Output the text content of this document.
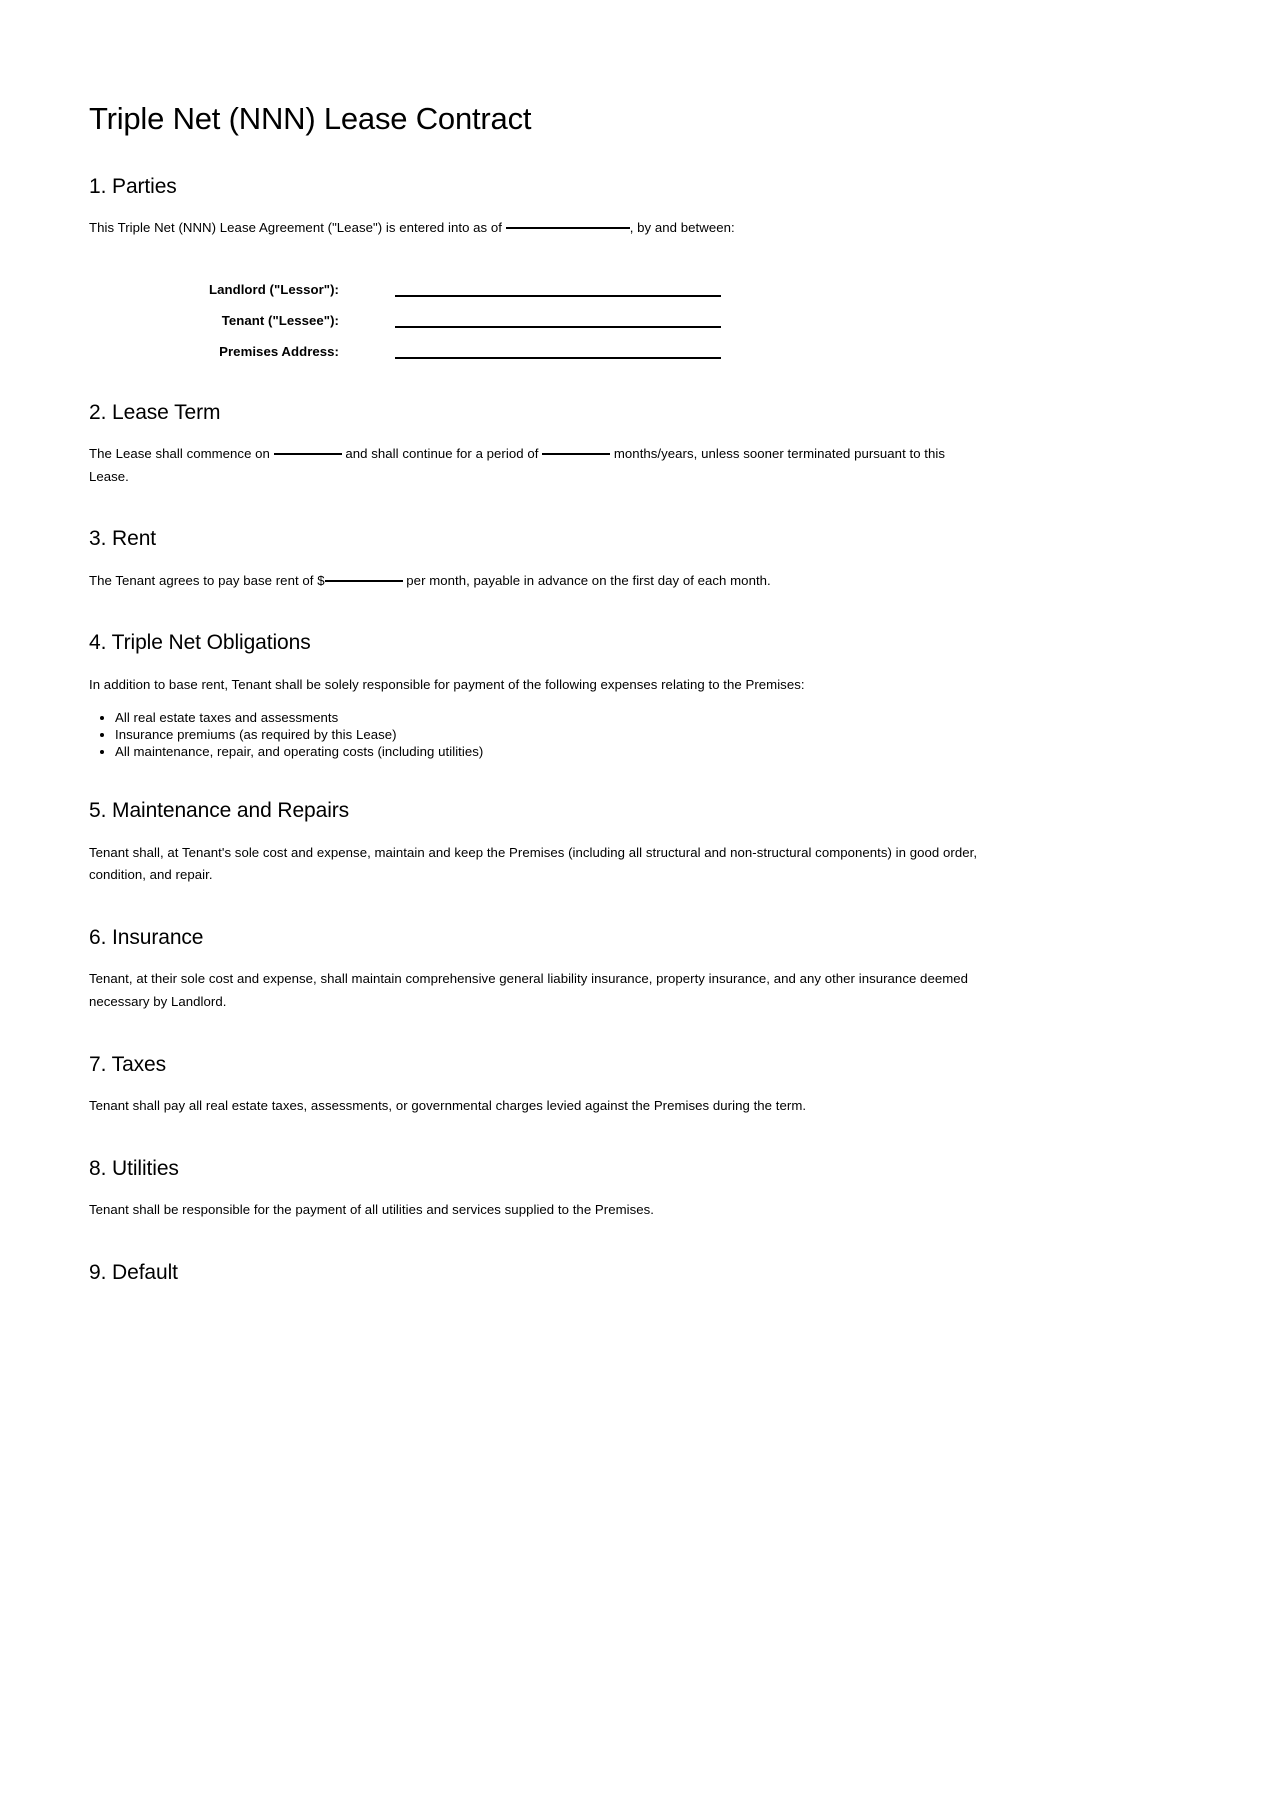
Triple Net (NNN) Lease Contract
1. Parties

This Triple Net (NNN) Lease Agreement ("Lease") is entered into as of	, by and between:

Landlord ("Lessor"):		

Tenant ("Lessee"):		

Premises Address:		
2. Lease Term

The Lease shall commence on	and shall continue for a period of	months/years, unless sooner terminated pursuant to this Lease.

3. Rent

The Tenant agrees to pay base rent of $	per month, payable in advance on the first day of each month.

4. Triple Net Obligations

In addition to base rent, Tenant shall be solely responsible for payment of the following expenses relating to the Premises:

• All real estate taxes and assessments
• Insurance premiums (as required by this Lease)
• All maintenance, repair, and operating costs (including utilities)
5. Maintenance and Repairs

Tenant shall, at Tenant's sole cost and expense, maintain and keep the Premises (including all structural and non-structural components) in good order, condition, and repair.

6. Insurance

Tenant, at their sole cost and expense, shall maintain comprehensive general liability insurance, property insurance, and any other insurance deemed necessary by Landlord.

7. Taxes

Tenant shall pay all real estate taxes, assessments, or governmental charges levied against the Premises during the term.

8. Utilities

Tenant shall be responsible for the payment of all utilities and services supplied to the Premises.

9. Default
